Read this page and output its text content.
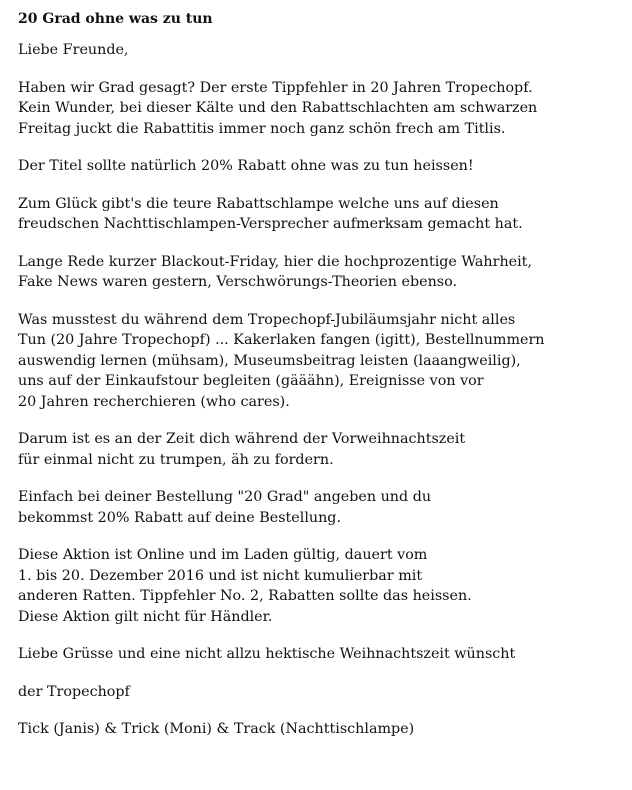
20 Grad ohne was zu tun
Liebe Freunde,
Haben wir Grad gesagt? Der erste Tippfehler in 20 Jahren Tropechopf.
Kein Wunder, bei dieser Kälte und den Rabattschlachten am schwarzen
Freitag juckt die Rabattitis immer noch ganz schön frech am Titlis.
Der Titel sollte natürlich 20% Rabatt ohne was zu tun heissen!
Zum Glück gibt's die teure Rabattschlampe welche uns auf diesen
freudschen Nachttischlampen-Versprecher aufmerksam gemacht hat.
Lange Rede kurzer Blackout-Friday, hier die hochprozentige Wahrheit,
Fake News waren gestern, Verschwörungs-Theorien ebenso.
Was musstest du während dem Tropechopf-Jubiläumsjahr nicht alles
Tun (20 Jahre Tropechopf) ... Kakerlaken fangen (igitt), Bestellnummern
auswendig lernen (mühsam), Museumsbeitrag leisten (laaangweilig),
uns auf der Einkaufstour begleiten (gääähn), Ereignisse von vor
20 Jahren recherchieren (who cares).
Darum ist es an der Zeit dich während der Vorweihnachtszeit
für einmal nicht zu trumpen, äh zu fordern.
Einfach bei deiner Bestellung "20 Grad" angeben und du
bekommst 20% Rabatt auf deine Bestellung.
Diese Aktion ist Online und im Laden gültig, dauert vom
1. bis 20. Dezember 2016 und ist nicht kumulierbar mit
anderen Ratten. Tippfehler No. 2, Rabatten sollte das heissen.
Diese Aktion gilt nicht für Händler.
Liebe Grüsse und eine nicht allzu hektische Weihnachtszeit wünscht
der Tropechopf
Tick (Janis) & Trick (Moni) & Track (Nachttischlampe)
